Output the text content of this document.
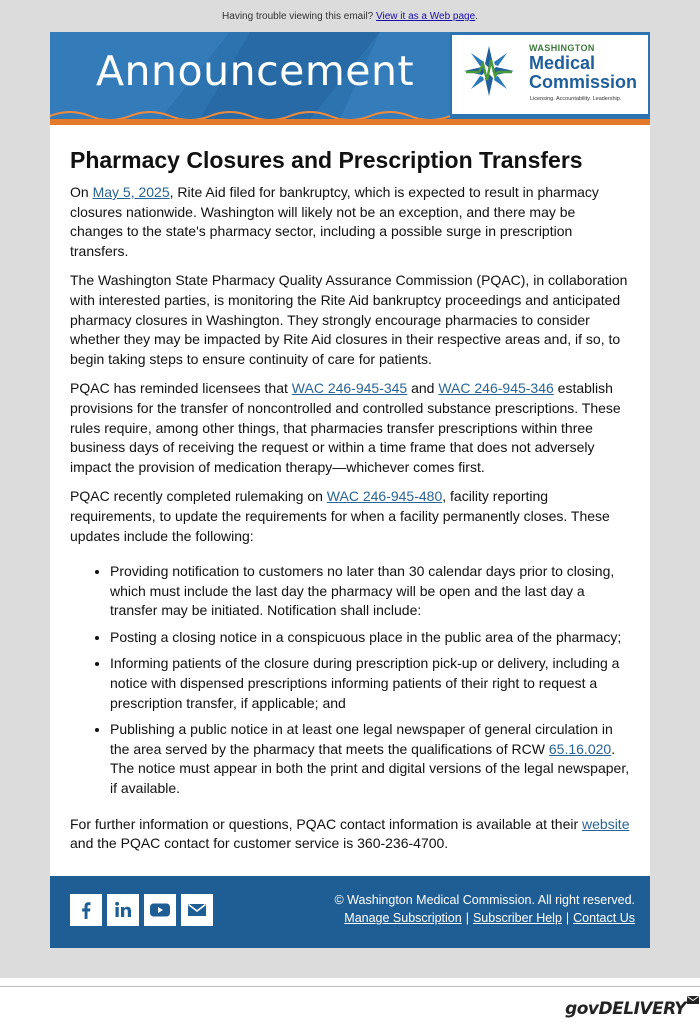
Having trouble viewing this email? View it as a Web page.
Announcement	WASHINGTON
Medical
Commission
Licensing. Accountability. Leadership.
Pharmacy Closures and Prescription Transfers

On May 5, 2025, Rite Aid filed for bankruptcy, which is expected to result in pharmacy closures nationwide. Washington will likely not be an exception, and there may be changes to the state's pharmacy sector, including a possible surge in prescription transfers.

The Washington State Pharmacy Quality Assurance Commission (PQAC), in collaboration with interested parties, is monitoring the Rite Aid bankruptcy proceedings and anticipated pharmacy closures in Washington. They strongly encourage pharmacies to consider whether they may be impacted by Rite Aid closures in their respective areas and, if so, to begin taking steps to ensure continuity of care for patients.

PQAC has reminded licensees that WAC 246-945-345 and WAC 246-945-346 establish provisions for the transfer of noncontrolled and controlled substance prescriptions. These rules require, among other things, that pharmacies transfer prescriptions within three business days of receiving the request or within a time frame that does not adversely impact the provision of medication therapy—whichever comes first.

PQAC recently completed rulemaking on WAC 246-945-480, facility reporting requirements, to update the requirements for when a facility permanently closes. These updates include the following:

• Providing notification to customers no later than 30 calendar days prior to closing, which must include the last day the pharmacy will be open and the last day a transfer may be initiated. Notification shall include:
• Posting a closing notice in a conspicuous place in the public area of the pharmacy;
• Informing patients of the closure during prescription pick-up or delivery, including a notice with dispensed prescriptions informing patients of their right to request a prescription transfer, if applicable; and
• Publishing a public notice in at least one legal newspaper of general circulation in the area served by the pharmacy that meets the qualifications of RCW 65.16.020. The notice must appear in both the print and digital versions of the legal newspaper, if available.

For further information or questions, PQAC contact information is available at their website and the PQAC contact for customer service is 360-236-4700.

© Washington Medical Commission. All right reserved.
Manage Subscription | Subscriber Help | Contact Us
govDELIVERY
